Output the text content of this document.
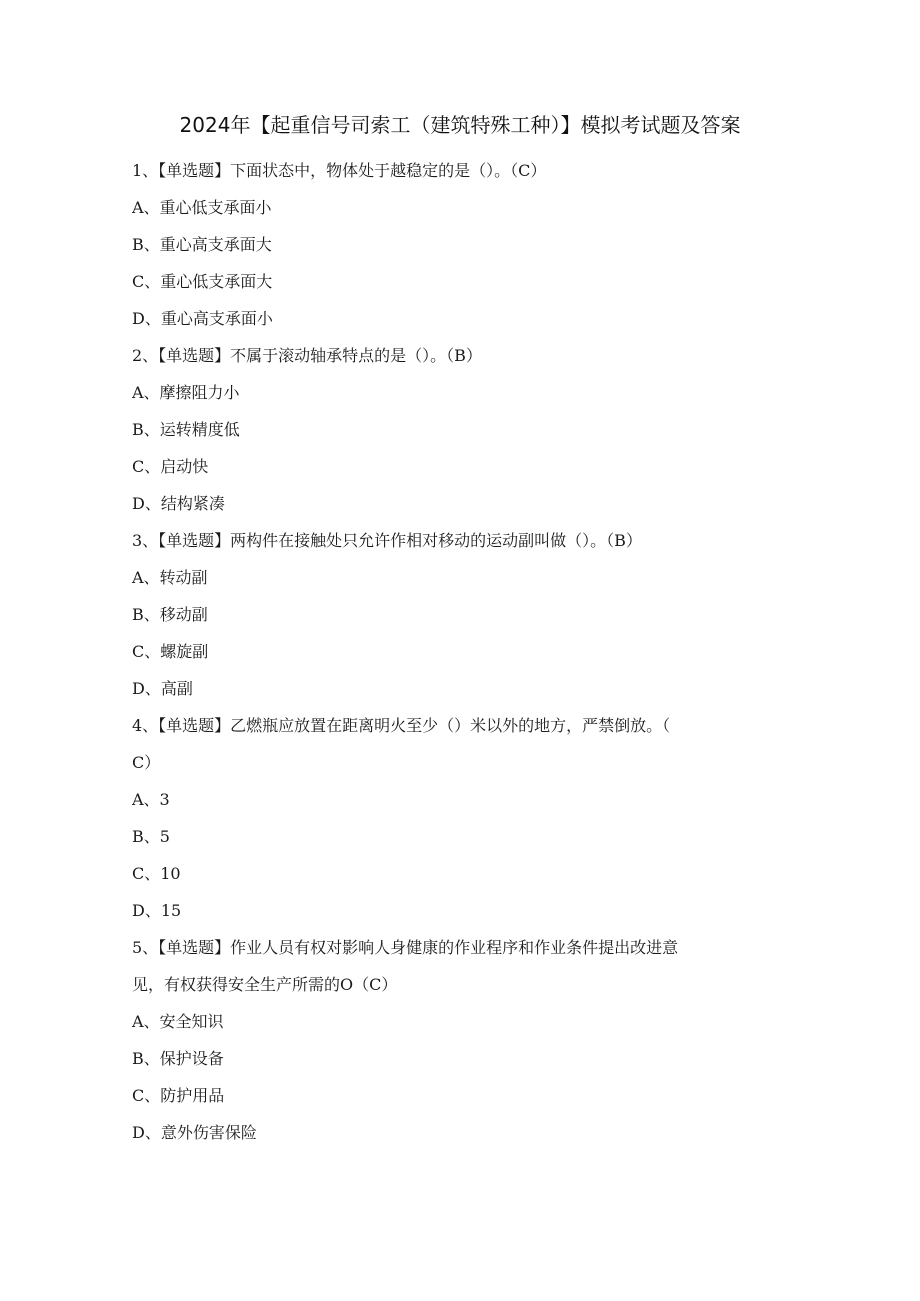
2024年【起重信号司索工（建筑特殊工种）】模拟考试题及答案
1、【单选题】下面状态中，物体处于越稳定的是（）。（C）
A、重心低支承面小
B、重心高支承面大
C、重心低支承面大
D、重心高支承面小
2、【单选题】不属于滚动轴承特点的是（）。（B）
A、摩擦阻力小
B、运转精度低
C、启动快
D、结构紧凑
3、【单选题】两构件在接触处只允许作相对移动的运动副叫做（）。（B）
A、转动副
B、移动副
C、螺旋副
D、高副
4、【单选题】乙燃瓶应放置在距离明火至少（）米以外的地方，严禁倒放。（
C）
A、3
B、5
C、10
D、15
5、【单选题】作业人员有权对影响人身健康的作业程序和作业条件提出改进意
见，有权获得安全生产所需的O（C）
A、安全知识
B、保护设备
C、防护用品
D、意外伤害保险
